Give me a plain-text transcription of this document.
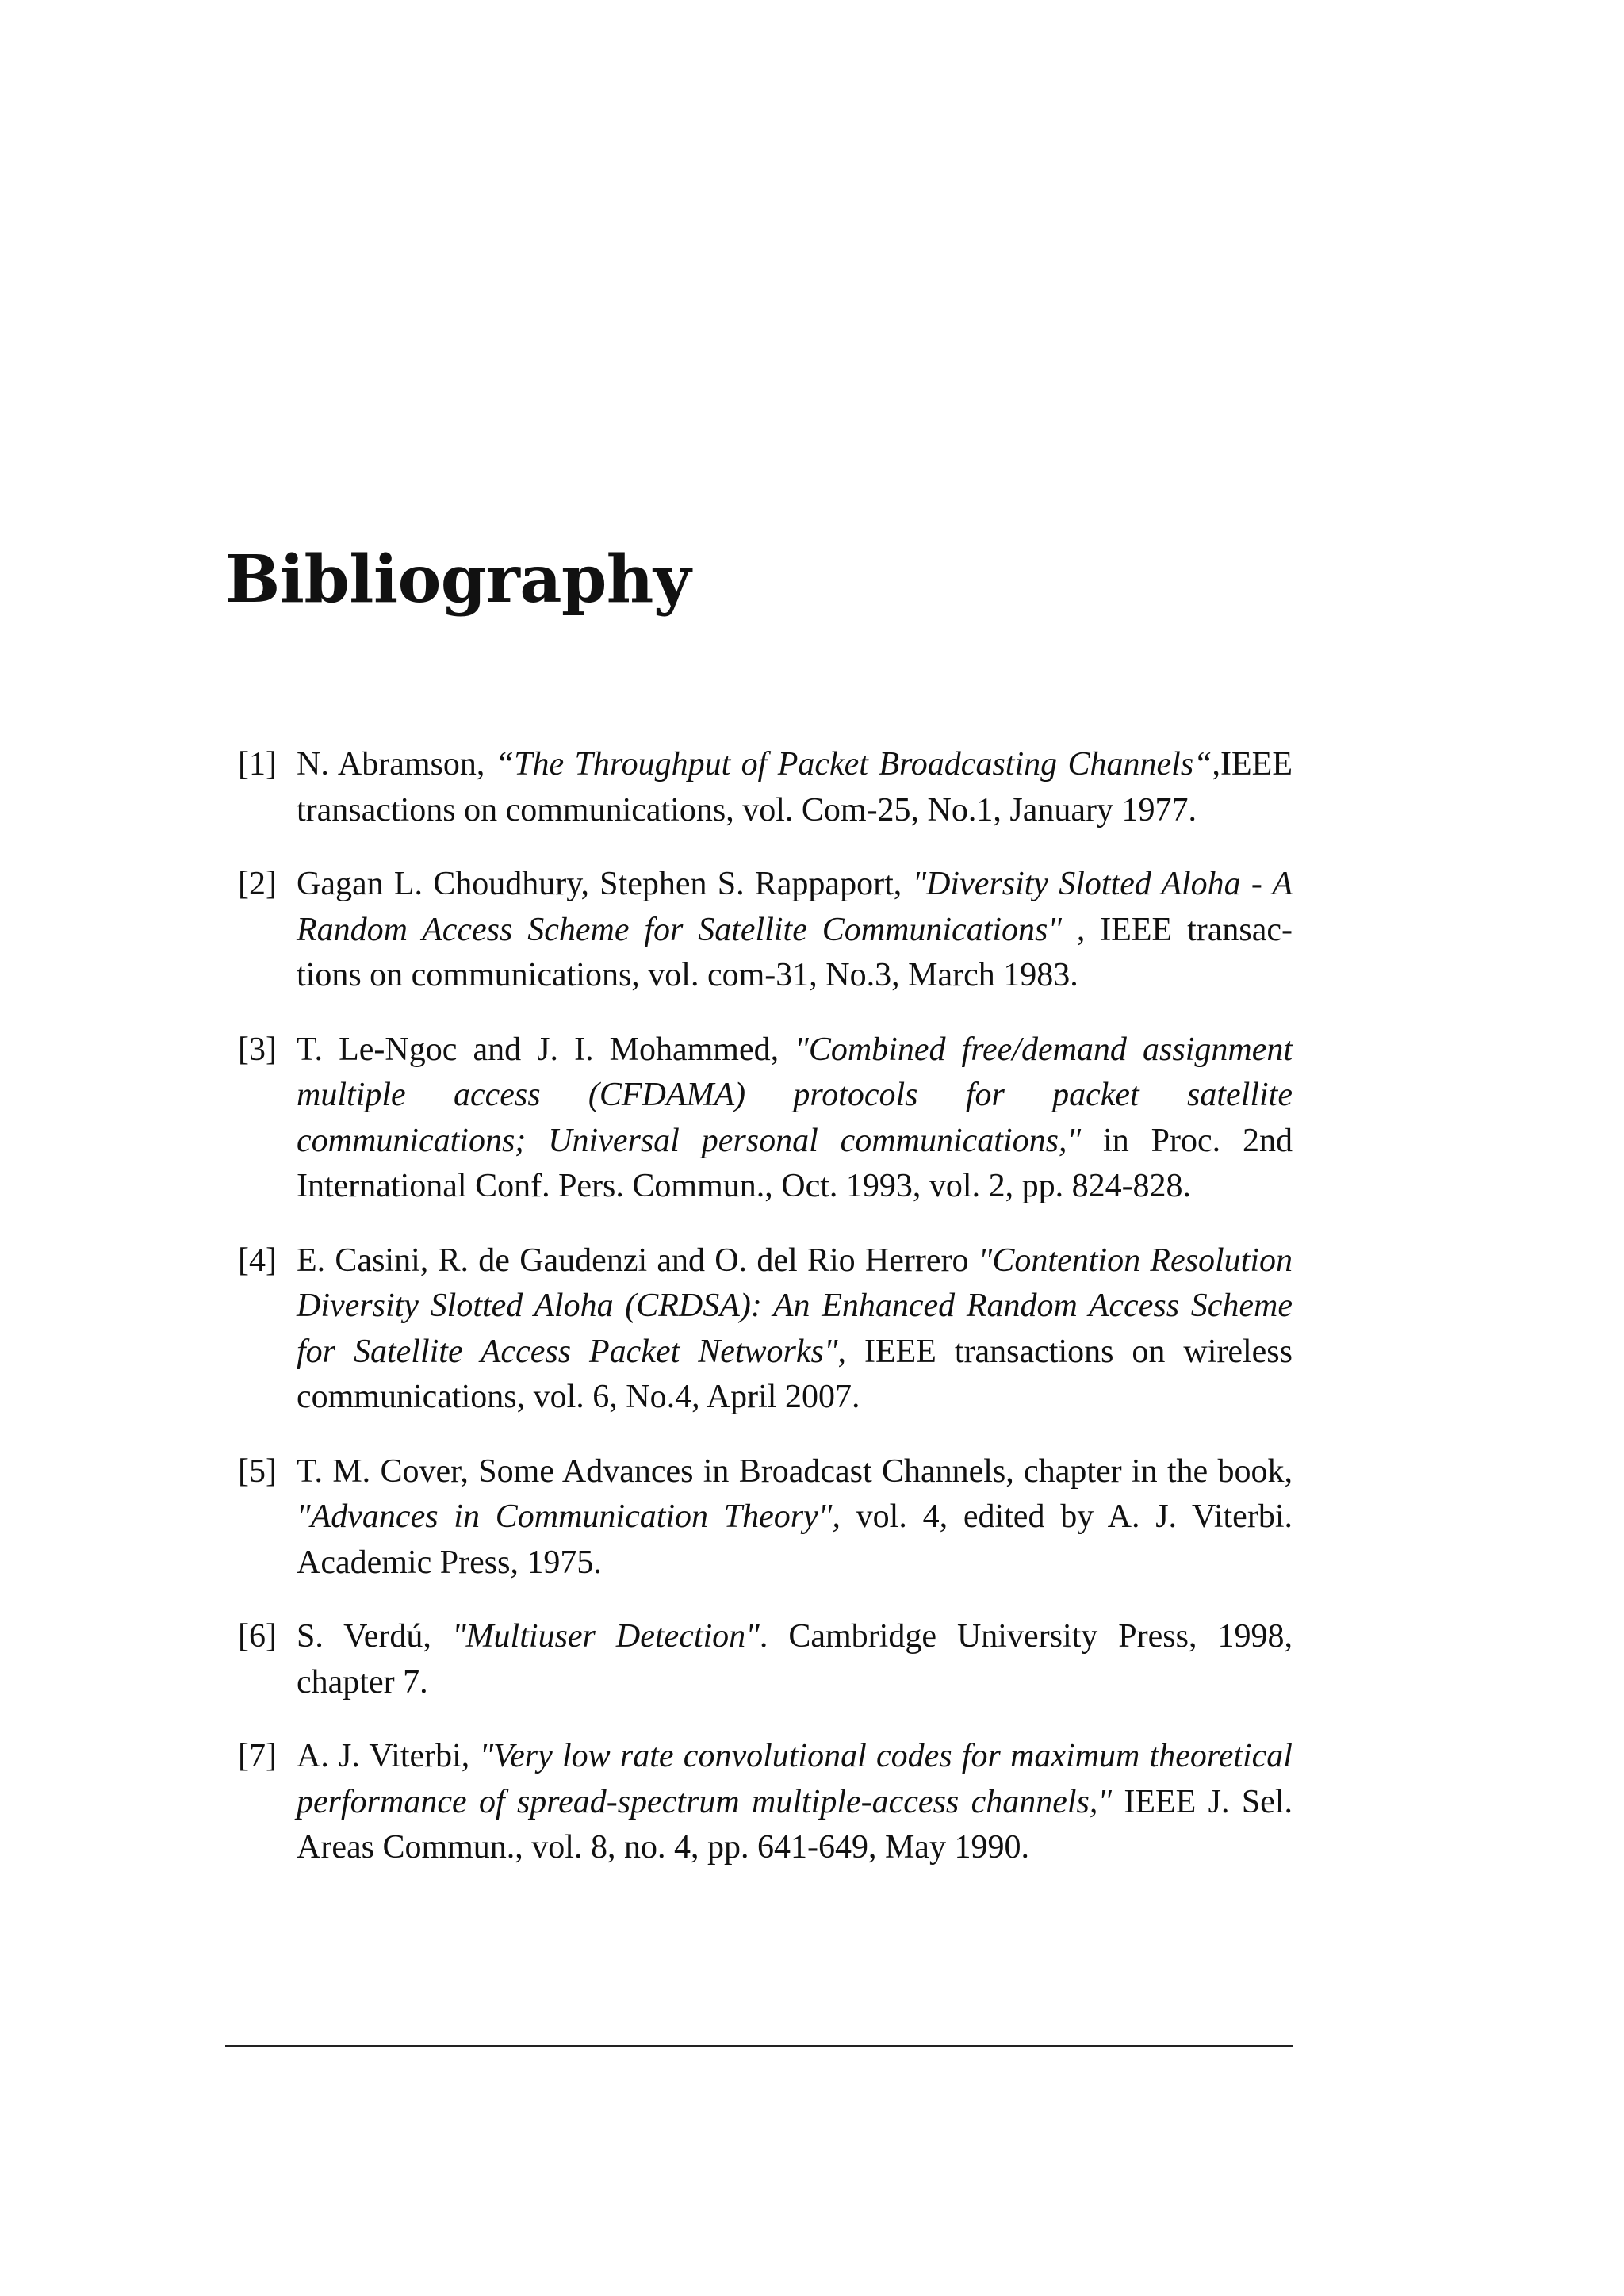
Bibliography
[1] N. Abramson, “The Throughput of Packet Broadcasting Channels“,IEEE transactions on communications, vol. Com-25, No.1, January 1977.
[2] Gagan L. Choudhury, Stephen S. Rappaport, "Diversity Slotted Aloha - A Random Access Scheme for Satellite Communications" , IEEE transactions on communications, vol. com-31, No.3, March 1983.
[3] T. Le-Ngoc and J. I. Mohammed, "Combined free/demand assignment multiple access (CFDAMA) protocols for packet satellite communications; Universal personal communications," in Proc. 2nd International Conf. Pers. Commun., Oct. 1993, vol. 2, pp. 824-828.
[4] E. Casini, R. de Gaudenzi and O. del Rio Herrero "Contention Resolution Diversity Slotted Aloha (CRDSA): An Enhanced Random Access Scheme for Satellite Access Packet Networks", IEEE transactions on wireless communications, vol. 6, No.4, April 2007.
[5] T. M. Cover, Some Advances in Broadcast Channels, chapter in the book, "Advances in Communication Theory", vol. 4, edited by A. J. Viterbi. Academic Press, 1975.
[6] S. Verdú, "Multiuser Detection". Cambridge University Press, 1998, chapter 7.
[7] A. J. Viterbi, "Very low rate convolutional codes for maximum theoretical performance of spread-spectrum multiple-access channels," IEEE J. Sel. Areas Commun., vol. 8, no. 4, pp. 641-649, May 1990.
